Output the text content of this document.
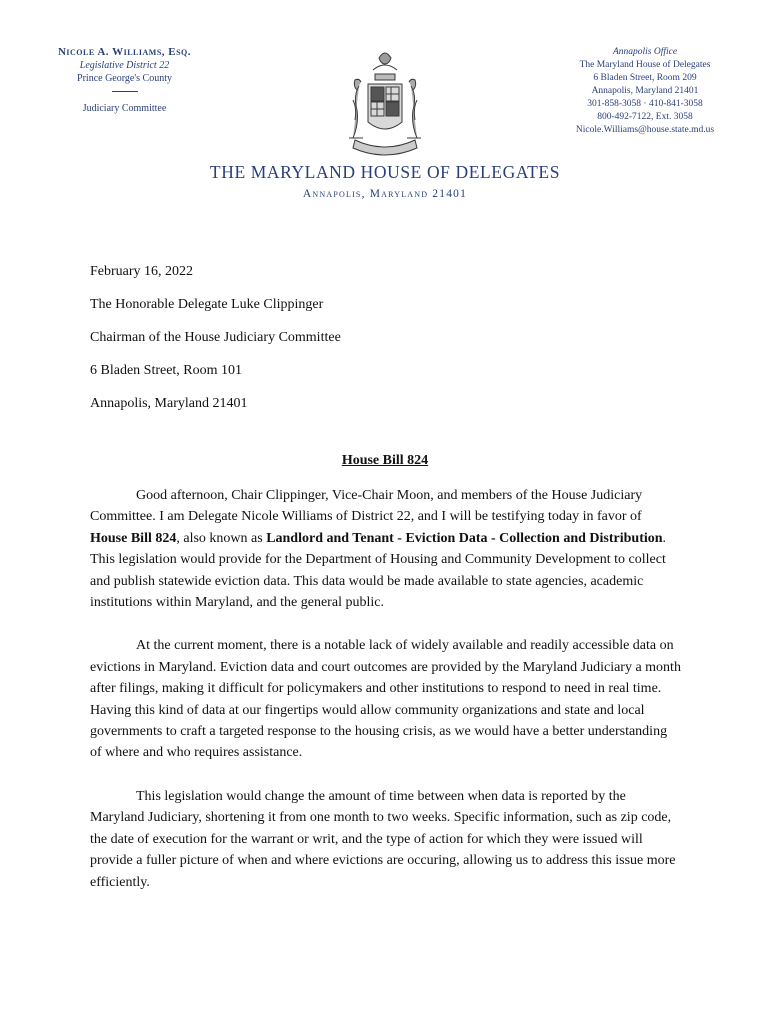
Nicole A. Williams, Esq.
Legislative District 22
Prince George's County
Judiciary Committee
Annapolis Office
The Maryland House of Delegates
6 Bladen Street, Room 209
Annapolis, Maryland 21401
301-858-3058 · 410-841-3058
800-492-7122, Ext. 3058
Nicole.Williams@house.state.md.us
THE MARYLAND HOUSE OF DELEGATES
Annapolis, Maryland 21401
February 16, 2022
The Honorable Delegate Luke Clippinger
Chairman of the House Judiciary Committee
6 Bladen Street, Room 101
Annapolis, Maryland 21401
House Bill 824

Good afternoon, Chair Clippinger, Vice-Chair Moon, and members of the House Judiciary Committee. I am Delegate Nicole Williams of District 22, and I will be testifying today in favor of House Bill 824, also known as Landlord and Tenant - Eviction Data - Collection and Distribution. This legislation would provide for the Department of Housing and Community Development to collect and publish statewide eviction data. This data would be made available to state agencies, academic institutions within Maryland, and the general public.

At the current moment, there is a notable lack of widely available and readily accessible data on evictions in Maryland. Eviction data and court outcomes are provided by the Maryland Judiciary a month after filings, making it difficult for policymakers and other institutions to respond to need in real time. Having this kind of data at our fingertips would allow community organizations and state and local governments to craft a targeted response to the housing crisis, as we would have a better understanding of where and who requires assistance.

This legislation would change the amount of time between when data is reported by the Maryland Judiciary, shortening it from one month to two weeks. Specific information, such as zip code, the date of execution for the warrant or writ, and the type of action for which they were issued will provide a fuller picture of when and where evictions are occuring, allowing us to address this issue more efficiently.
